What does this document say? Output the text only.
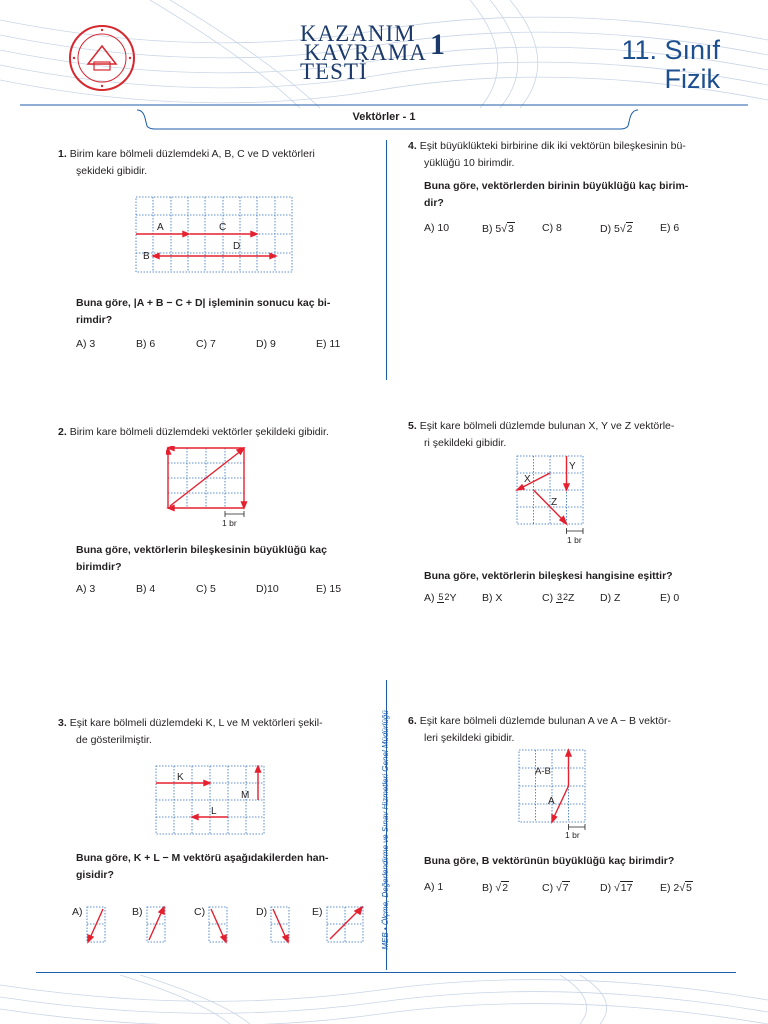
KAZANIM
KAVRAMA
TESTİ
1	11. Sınıf
Fizik
Vektörler - 1
MEB • Ölçme, Değerlendirme ve Sınav Hizmetleri Genel Müdürlüğü
1. Birim kare bölmeli düzlemdeki A, B, C ve D vektörleri
şekideki gibidir.
A	C
D
B
Buna göre, |A + B − C + D| işleminin sonucu kaç bi-
rimdir?
A) 3	B) 6	C) 7	D) 9	E) 11
2. Birim kare bölmeli düzlemdeki vektörler şekildeki gibidir.
1 br
Buna göre, vektörlerin bileşkesinin büyüklüğü kaç
birimdir?
A) 3	B) 4	C) 5	D)10	E) 15
3. Eşit kare bölmeli düzlemdeki K, L ve M vektörleri şekil-
de gösterilmiştir.
K
L
M
Buna göre, K + L − M vektörü aşağıdakilerden han-
gisidir?
A)	B)	C)	D)	E)
4. Eşit büyüklükteki birbirine dik iki vektörün bileşkesinin bü-
yüklüğü 10 birimdir.
Buna göre, vektörlerden birinin büyüklüğü kaç birim-
dir?
A) 10	B) 5√3	C) 8	D) 5√2	E) 6
5. Eşit kare bölmeli düzlemde bulunan X, Y ve Z vektörle-
ri şekildeki gibidir.
Y
X
Z
1 br
Buna göre, vektörlerin bileşkesi hangisine eşittir?
A) 52Y	B) X	C) 32Z	D) Z	E) 0
6. Eşit kare bölmeli düzlemde bulunan A ve A − B vektör-
leri şekildeki gibidir.
A-B
A
1 br
Buna göre, B vektörünün büyüklüğü kaç birimdir?
A) 1	B) √2	C) √7	D) √17	E) 2√5
